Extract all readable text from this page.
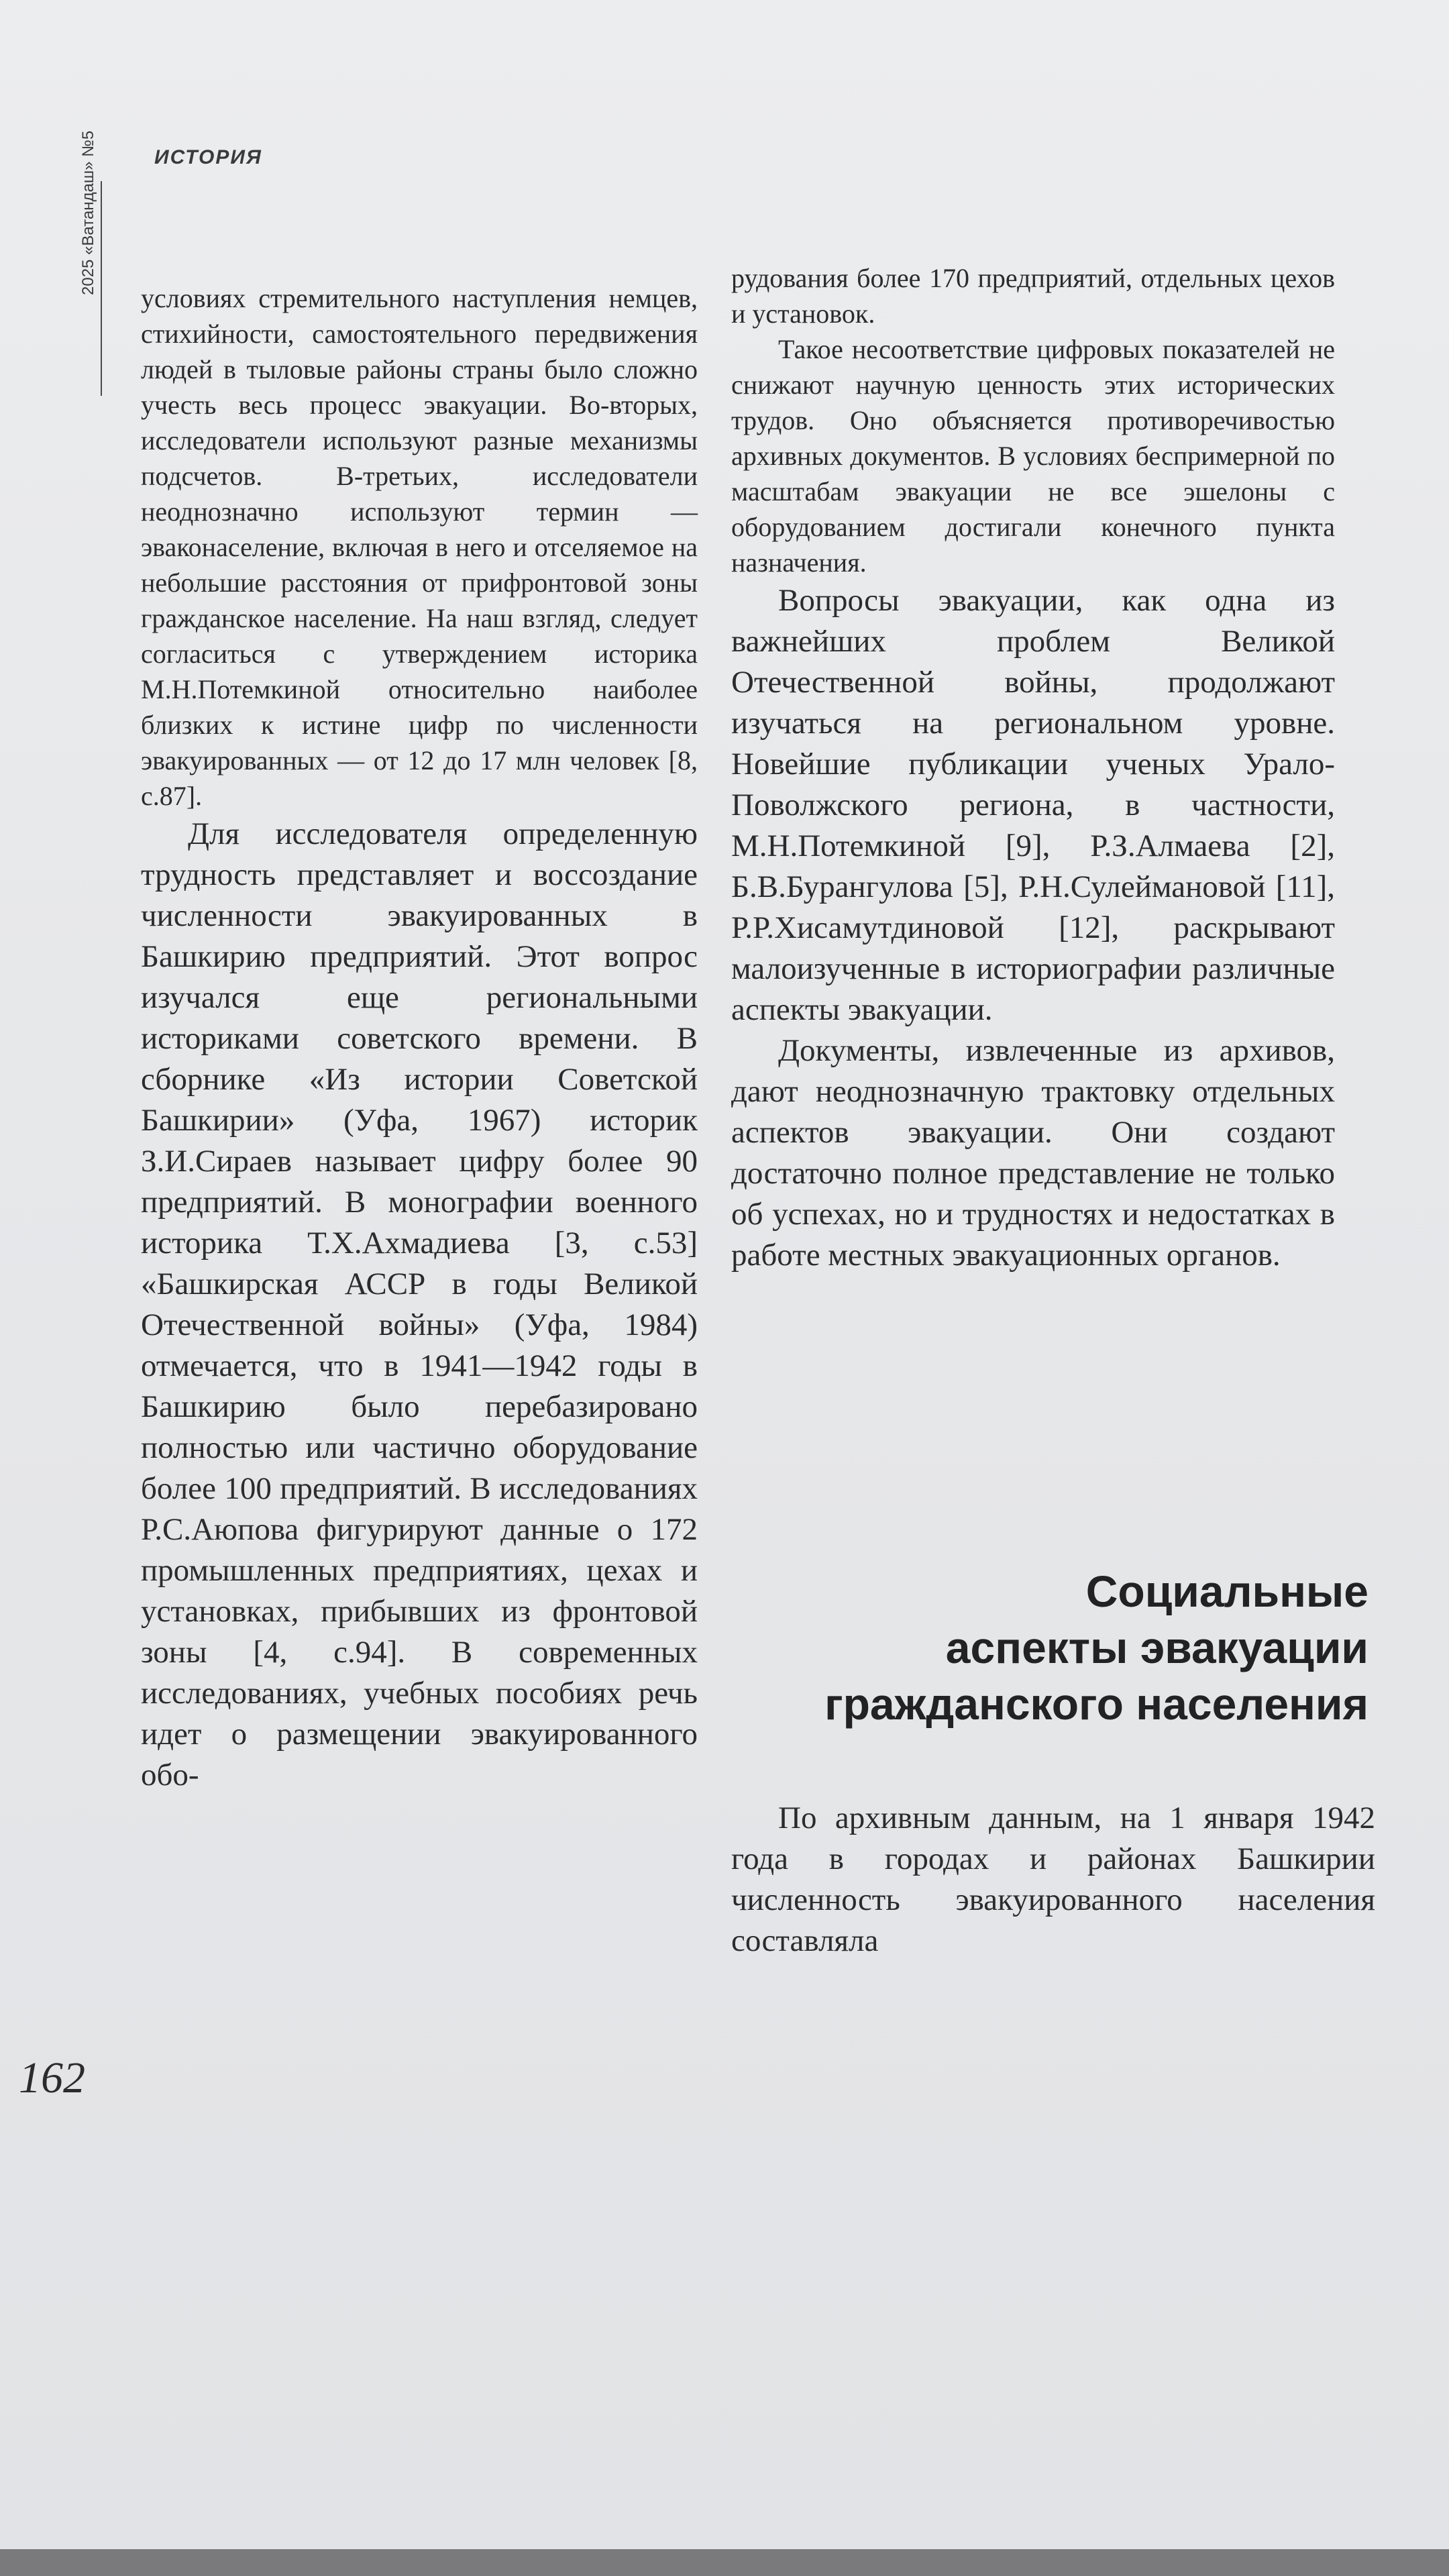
ИСТОРИЯ
2025 «Ватандаш» №5

условиях стремительного наступления немцев, стихийности, самостоятельного передвижения людей в тыловые районы страны было сложно учесть весь процесс эвакуации. Во-вторых, исследователи используют разные механизмы подсчетов. В-третьих, исследователи неоднозначно используют термин — эваконаселение, включая в него и отселяемое на небольшие расстояния от прифронтовой зоны гражданское население. На наш взгляд, следует согласиться с утверждением историка М.Н.Потемкиной относительно наиболее близких к истине цифр по численности эвакуированных — от 12 до 17 млн человек [8, с.87].

Для исследователя определенную трудность представляет и воссоздание численности эвакуированных в Башкирию предприятий. Этот вопрос изучался еще региональными историками советского времени. В сборнике «Из истории Советской Башкирии» (Уфа, 1967) историк З.И.Сираев называет цифру более 90 предприятий. В монографии военного историка Т.Х.Ахмадиева [3, с.53] «Башкирская АССР в годы Великой Отечественной войны» (Уфа, 1984) отмечается, что в 1941—1942 годы в Башкирию было перебазировано полностью или частично оборудование более 100 предприятий. В исследованиях Р.С.Аюпова фигурируют данные о 172 промышленных предприятиях, цехах и установках, прибывших из фронтовой зоны [4, с.94]. В современных исследованиях, учебных пособиях речь идет о размещении эвакуированного обо-

рудования более 170 предприятий, отдельных цехов и установок.

Такое несоответствие цифровых показателей не снижают научную ценность этих исторических трудов. Оно объясняется противоречивостью архивных документов. В условиях беспримерной по масштабам эвакуации не все эшелоны с оборудованием достигали конечного пункта назначения.

Вопросы эвакуации, как одна из важнейших проблем Великой Отечественной войны, продолжают изучаться на региональном уровне. Новейшие публикации ученых Урало-Поволжского региона, в частности, М.Н.Потемкиной [9], Р.З.Алмаева [2], Б.В.Бурангулова [5], Р.Н.Сулеймановой [11], Р.Р.Хисамутдиновой [12], раскрывают малоизученные в историографии различные аспекты эвакуации.

Документы, извлеченные из архивов, дают неоднозначную трактовку отдельных аспектов эвакуации. Они создают достаточно полное представление не только об успехах, но и трудностях и недостатках в работе местных эвакуационных органов.

Социальные
аспекты эвакуации
гражданского населения

По архивным данным, на 1 января 1942 года в городах и районах Башкирии численность эвакуированного населения составляла

162
